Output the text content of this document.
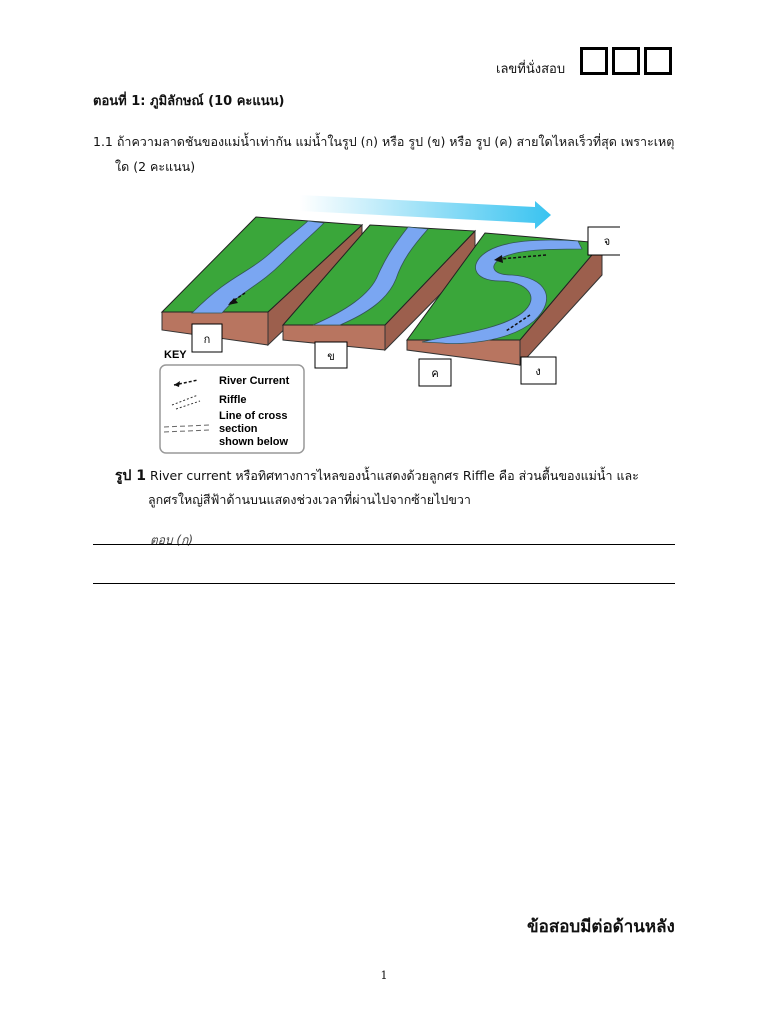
เลขที่นั่งสอบ
ตอนที่ 1: ภูมิลักษณ์ (10 คะแนน)
1.1 ถ้าความลาดชันของแม่น้ำเท่ากัน แม่น้ำในรูป (ก) หรือ รูป (ข) หรือ รูป (ค) สายใดไหลเร็วที่สุด เพราะเหตุ
ใด (2 คะแนน)
ก
ข
ค	ง
จ
KEY
River Current
Riffle
Line of cross
section
shown below
รูป 1 River current หรือทิศทางการไหลของน้ำแสดงด้วยลูกศร Riffle คือ ส่วนตื้นของแม่น้ำ และ
ลูกศรใหญ่สีฟ้าด้านบนแสดงช่วงเวลาที่ผ่านไปจากซ้ายไปขวา
ตอบ (ก)
ข้อสอบมีต่อด้านหลัง
1
